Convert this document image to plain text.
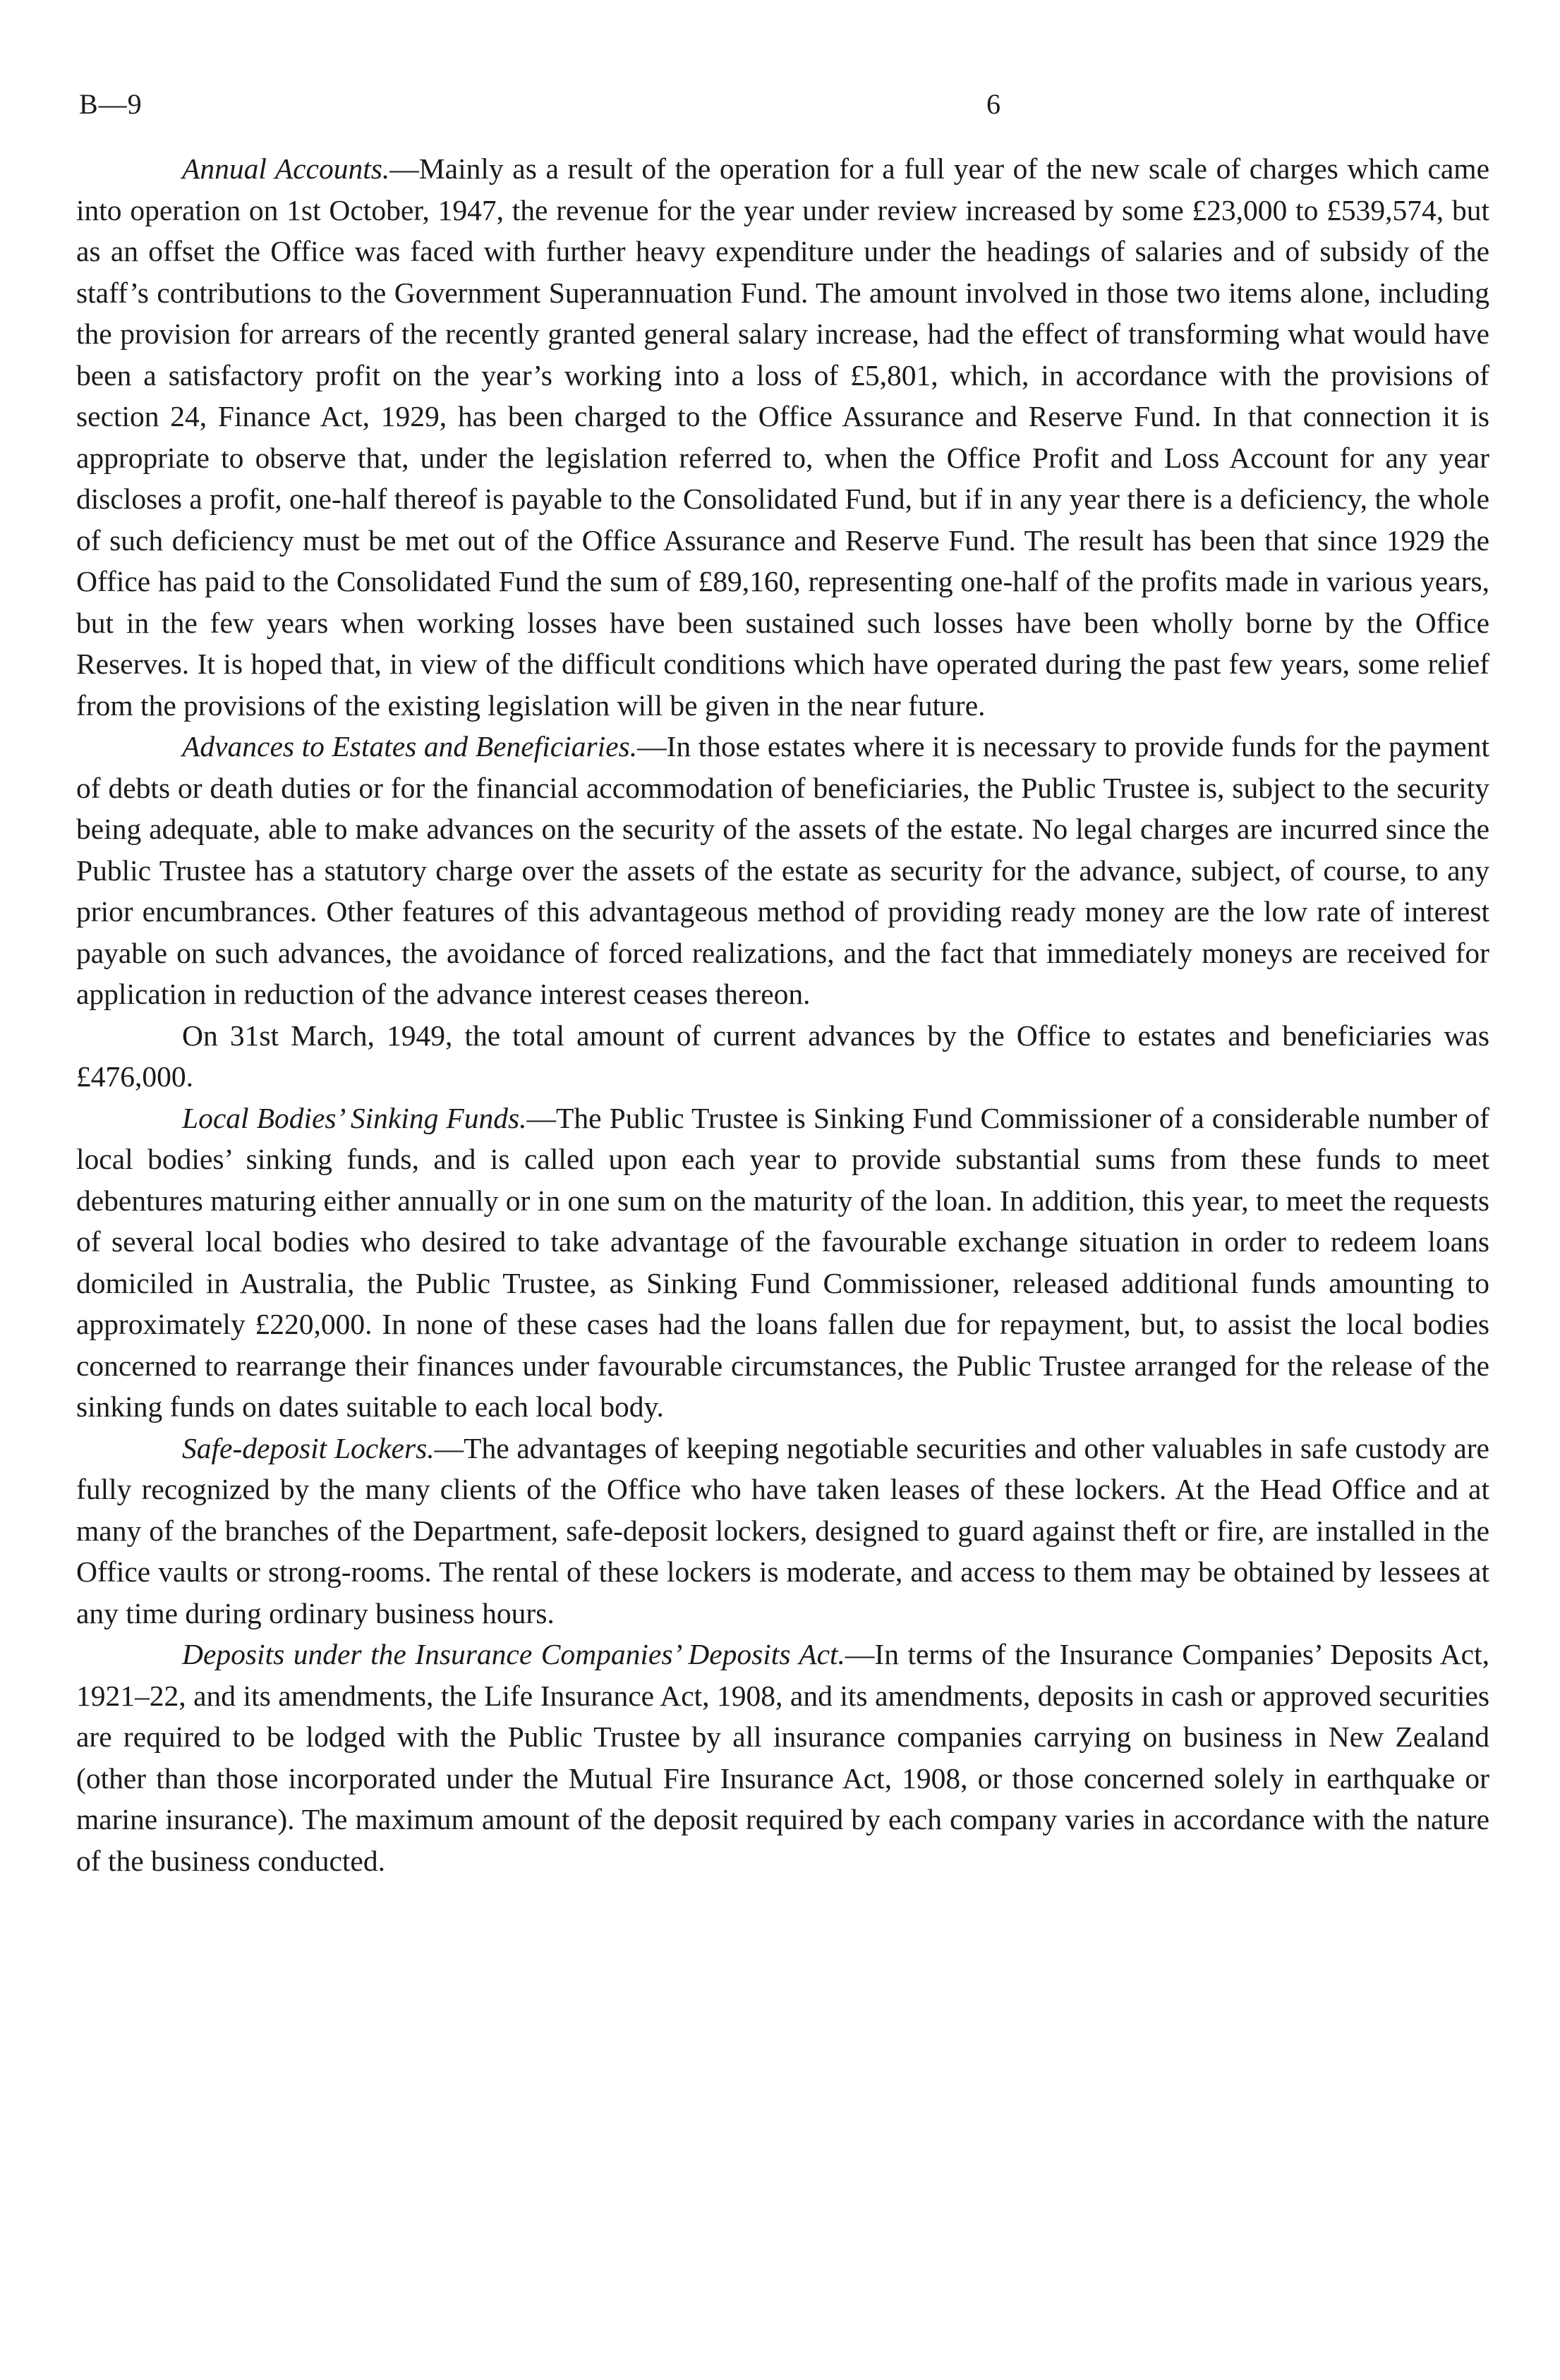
B—9	6

Annual Accounts.—Mainly as a result of the operation for a full year of the new scale of charges which came into operation on 1st October, 1947, the revenue for the year under review increased by some £23,000 to £539,574, but as an offset the Office was faced with further heavy expenditure under the headings of salaries and of subsidy of the staff’s contributions to the Government Superannuation Fund. The amount involved in those two items alone, including the provision for arrears of the recently granted general salary increase, had the effect of transforming what would have been a satisfactory profit on the year’s working into a loss of £5,801, which, in accordance with the provisions of section 24, Finance Act, 1929, has been charged to the Office Assurance and Reserve Fund. In that connection it is appropriate to observe that, under the legislation referred to, when the Office Profit and Loss Account for any year discloses a profit, one-half thereof is payable to the Consolidated Fund, but if in any year there is a deficiency, the whole of such deficiency must be met out of the Office Assurance and Reserve Fund. The result has been that since 1929 the Office has paid to the Consolidated Fund the sum of £89,160, representing one-half of the profits made in various years, but in the few years when working losses have been sustained such losses have been wholly borne by the Office Reserves. It is hoped that, in view of the difficult conditions which have operated during the past few years, some relief from the provisions of the existing legislation will be given in the near future.

Advances to Estates and Beneficiaries.—In those estates where it is necessary to provide funds for the payment of debts or death duties or for the financial accommodation of beneficiaries, the Public Trustee is, subject to the security being adequate, able to make advances on the security of the assets of the estate. No legal charges are incurred since the Public Trustee has a statutory charge over the assets of the estate as security for the advance, subject, of course, to any prior encumbrances. Other features of this advantageous method of providing ready money are the low rate of interest payable on such advances, the avoidance of forced realizations, and the fact that immediately moneys are received for application in reduction of the advance interest ceases thereon.

On 31st March, 1949, the total amount of current advances by the Office to estates and beneficiaries was £476,000.

Local Bodies’ Sinking Funds.—The Public Trustee is Sinking Fund Commissioner of a considerable number of local bodies’ sinking funds, and is called upon each year to provide substantial sums from these funds to meet debentures maturing either annually or in one sum on the maturity of the loan. In addition, this year, to meet the requests of several local bodies who desired to take advantage of the favourable exchange situation in order to redeem loans domiciled in Australia, the Public Trustee, as Sinking Fund Commissioner, released additional funds amounting to approximately £220,000. In none of these cases had the loans fallen due for repayment, but, to assist the local bodies concerned to rearrange their finances under favourable circumstances, the Public Trustee arranged for the release of the sinking funds on dates suitable to each local body.

Safe-deposit Lockers.—The advantages of keeping negotiable securities and other valuables in safe custody are fully recognized by the many clients of the Office who have taken leases of these lockers. At the Head Office and at many of the branches of the Department, safe-deposit lockers, designed to guard against theft or fire, are installed in the Office vaults or strong-rooms. The rental of these lockers is moderate, and access to them may be obtained by lessees at any time during ordinary business hours.

Deposits under the Insurance Companies’ Deposits Act.—In terms of the Insurance Companies’ Deposits Act, 1921–22, and its amendments, the Life Insurance Act, 1908, and its amendments, deposits in cash or approved securities are required to be lodged with the Public Trustee by all insurance companies carrying on business in New Zealand (other than those incorporated under the Mutual Fire Insurance Act, 1908, or those concerned solely in earthquake or marine insurance). The maximum amount of the deposit required by each company varies in accordance with the nature of the business conducted.
